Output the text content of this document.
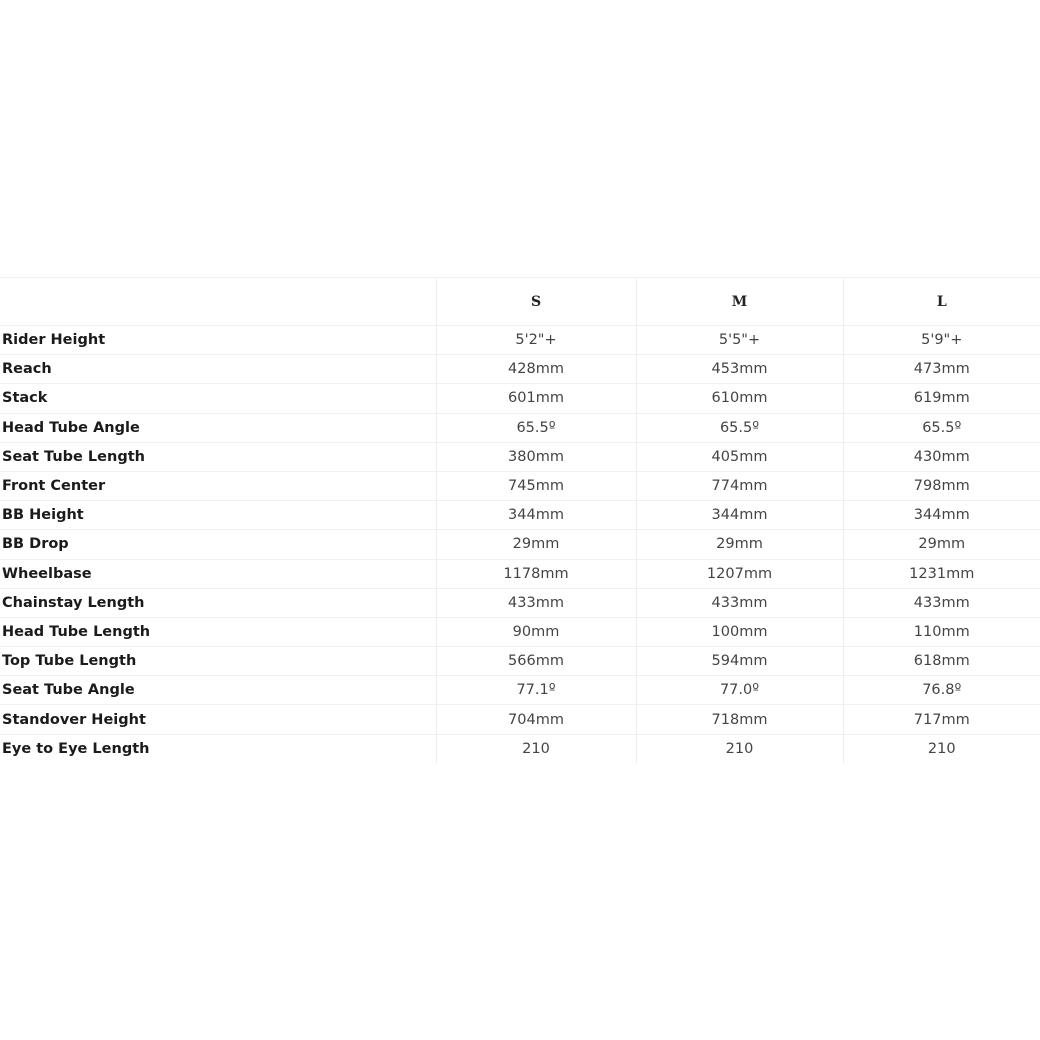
	S	M	L
Rider Height	5'2"+	5'5"+	5'9"+
Reach	428mm	453mm	473mm
Stack	601mm	610mm	619mm
Head Tube Angle	65.5º	65.5º	65.5º
Seat Tube Length	380mm	405mm	430mm
Front Center	745mm	774mm	798mm
BB Height	344mm	344mm	344mm
BB Drop	29mm	29mm	29mm
Wheelbase	1178mm	1207mm	1231mm
Chainstay Length	433mm	433mm	433mm
Head Tube Length	90mm	100mm	110mm
Top Tube Length	566mm	594mm	618mm
Seat Tube Angle	77.1º	77.0º	76.8º
Standover Height	704mm	718mm	717mm
Eye to Eye Length	210	210	210
